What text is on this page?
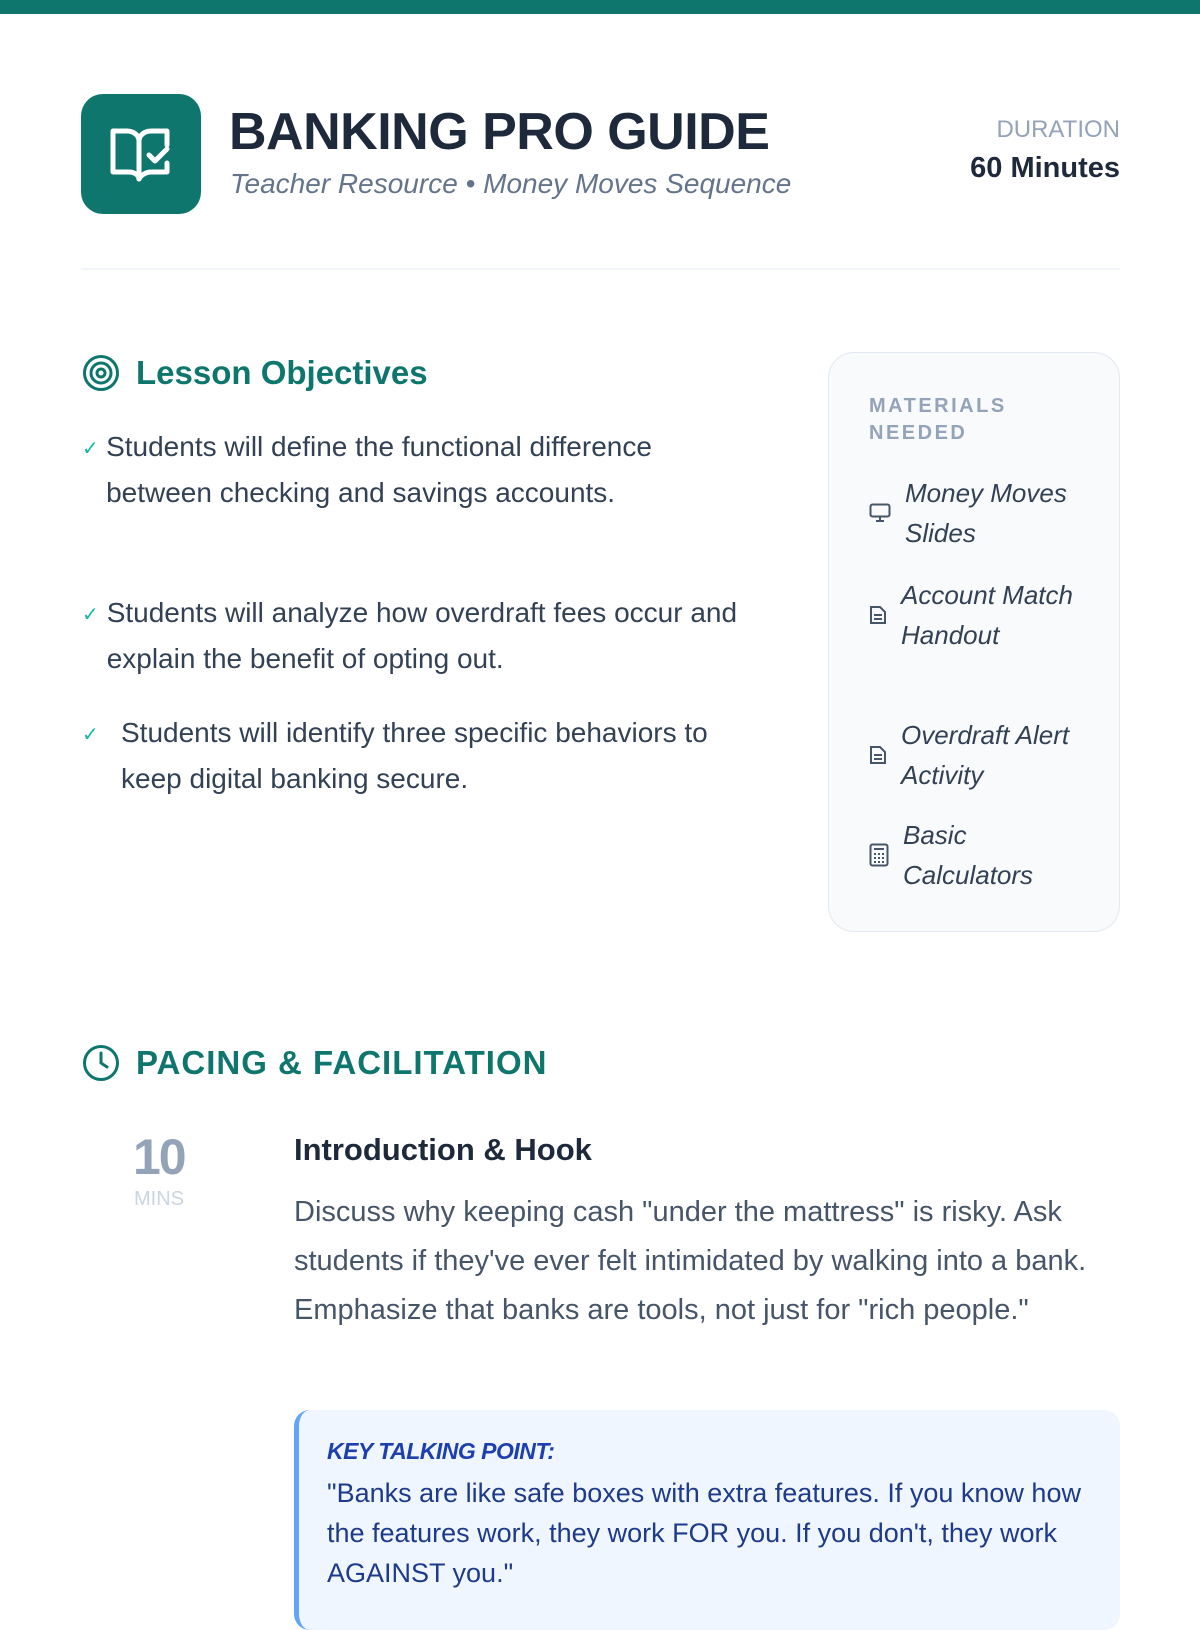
BANKING PRO GUIDE
Teacher Resource • Money Moves Sequence
DURATION
60 Minutes
Lesson Objectives
✓ Students will define the functional difference between checking and savings accounts.
✓ Students will analyze how overdraft fees occur and explain the benefit of opting out.
✓ Students will identify three specific behaviors to keep digital banking secure.
MATERIALS NEEDED
Money Moves Slides
Account Match Handout
Overdraft Alert Activity
Basic Calculators
PACING & FACILITATION
10
MINS
Introduction & Hook
Discuss why keeping cash "under the mattress" is risky. Ask students if they've ever felt intimidated by walking into a bank. Emphasize that banks are tools, not just for "rich people."
KEY TALKING POINT:
"Banks are like safe boxes with extra features. If you know how the features work, they work FOR you. If you don't, they work AGAINST you."
